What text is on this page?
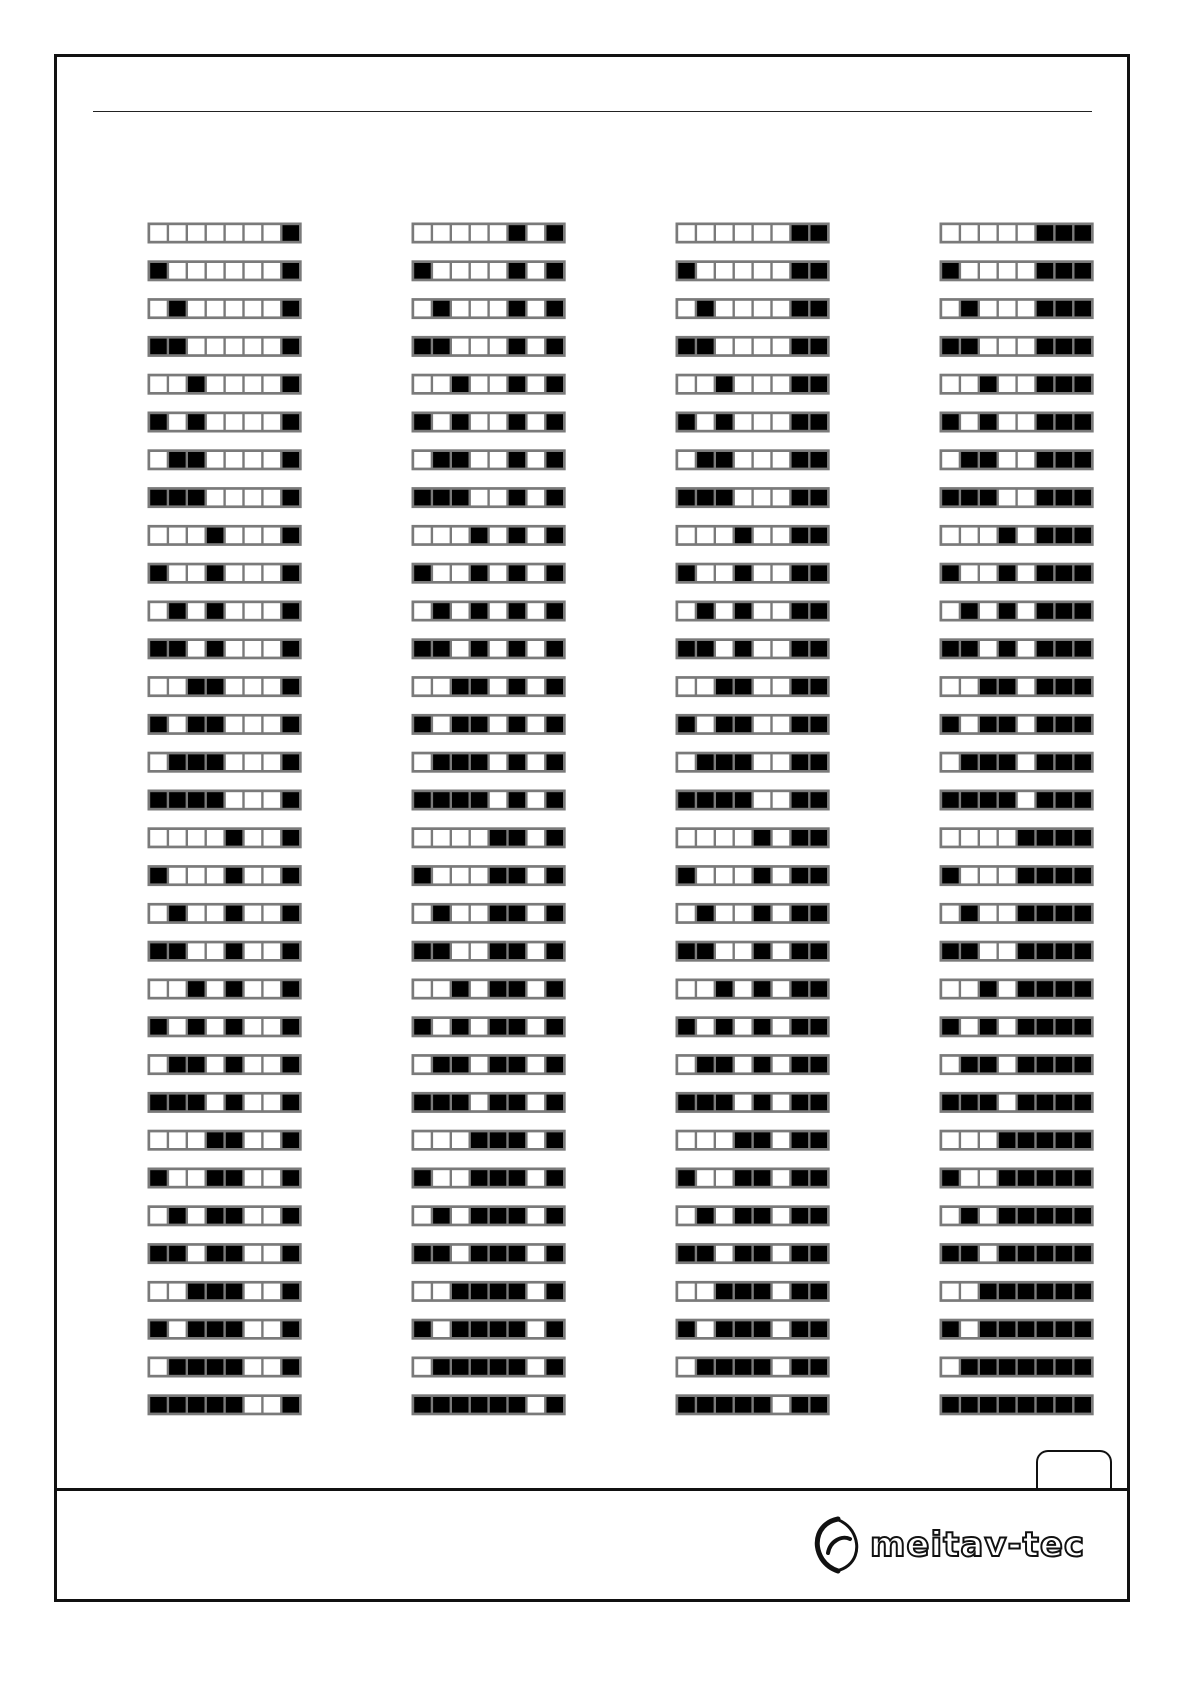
meitav-tec
